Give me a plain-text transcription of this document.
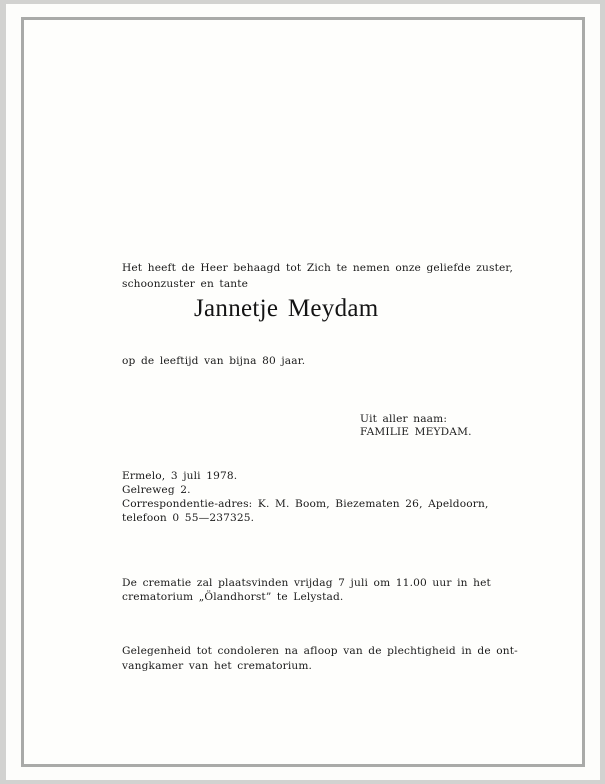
Het heeft de Heer behaagd tot Zich te nemen onze geliefde zuster,
schoonzuster en tante
Jannetje Meydam
op de leeftijd van bijna 80 jaar.
Uit aller naam:
FAMILIE MEYDAM.
Ermelo, 3 juli 1978.
Gelreweg 2.
Correspondentie-adres: K. M. Boom, Biezematen 26, Apeldoorn,
telefoon 0 55—237325.
De crematie zal plaatsvinden vrijdag 7 juli om 11.00 uur in het
crematorium „Ölandhorst” te Lelystad.
Gelegenheid tot condoleren na afloop van de plechtigheid in de ont-
vangkamer van het crematorium.
